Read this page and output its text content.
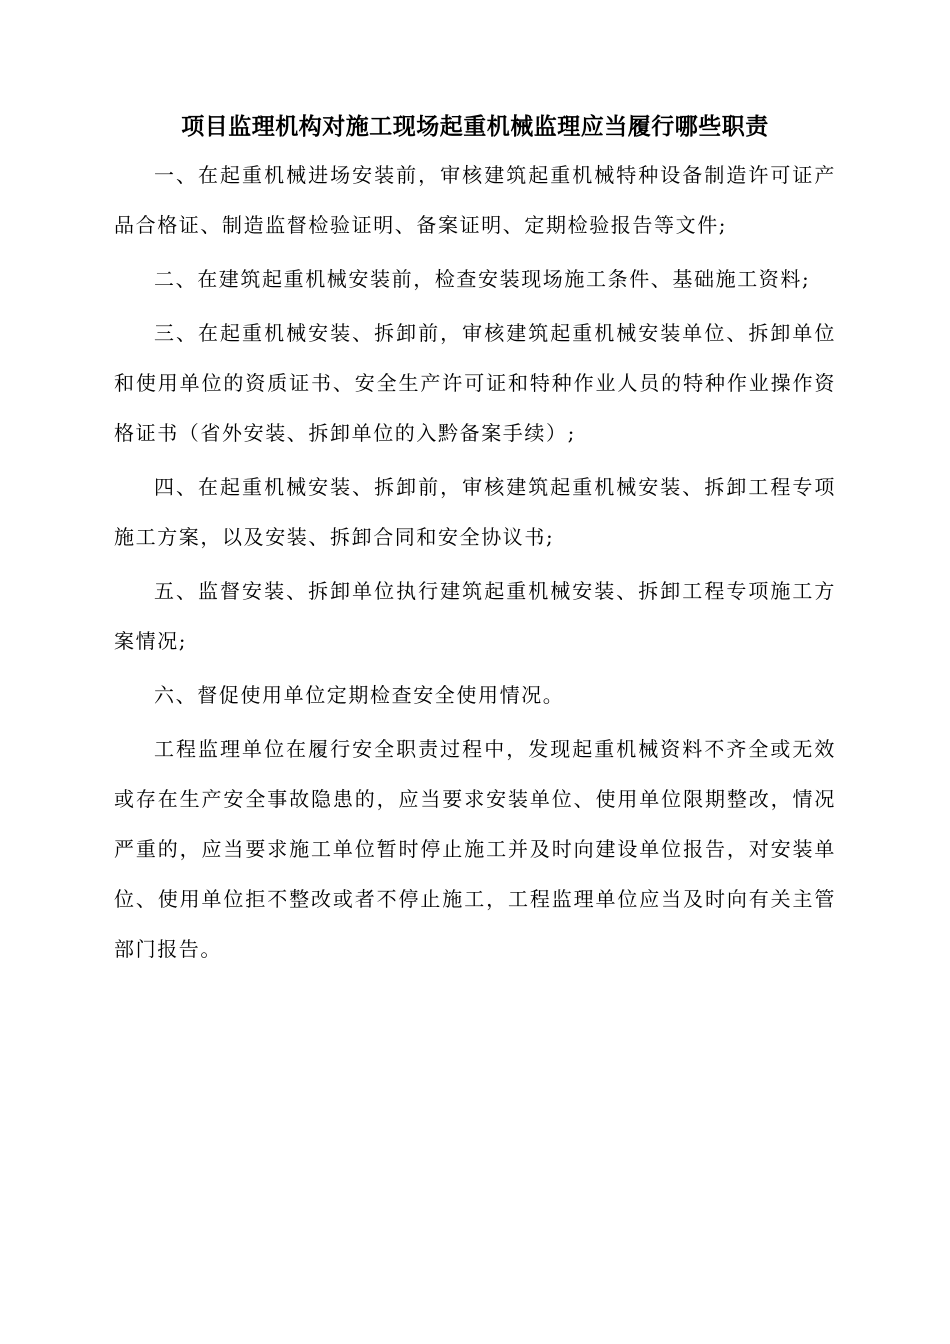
项目监理机构对施工现场起重机械监理应当履行哪些职责

一、在起重机械进场安装前，审核建筑起重机械特种设备制造许可证产品合格证、制造监督检验证明、备案证明、定期检验报告等文件;

二、在建筑起重机械安装前，检查安装现场施工条件、基础施工资料;

三、在起重机械安装、拆卸前，审核建筑起重机械安装单位、拆卸单位和使用单位的资质证书、安全生产许可证和特种作业人员的特种作业操作资格证书（省外安装、拆卸单位的入黔备案手续）;

四、在起重机械安装、拆卸前，审核建筑起重机械安装、拆卸工程专项施工方案，以及安装、拆卸合同和安全协议书;

五、监督安装、拆卸单位执行建筑起重机械安装、拆卸工程专项施工方案情况;

六、督促使用单位定期检查安全使用情况。

工程监理单位在履行安全职责过程中，发现起重机械资料不齐全或无效或存在生产安全事故隐患的，应当要求安装单位、使用单位限期整改，情况严重的，应当要求施工单位暂时停止施工并及时向建设单位报告，对安装单位、使用单位拒不整改或者不停止施工，工程监理单位应当及时向有关主管部门报告。
